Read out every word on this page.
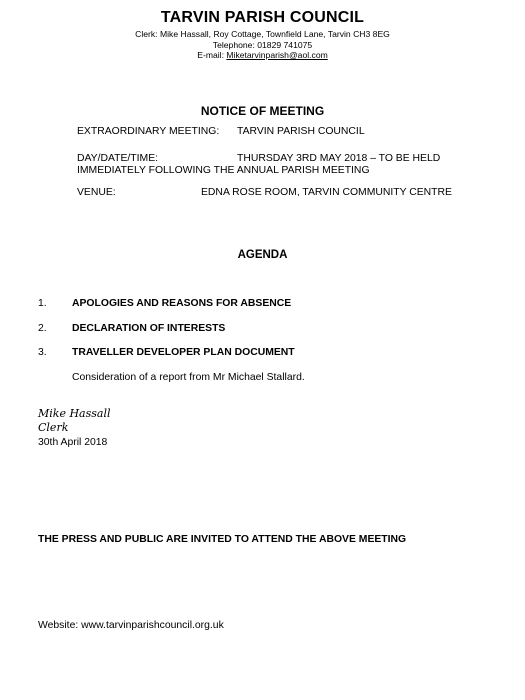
TARVIN PARISH COUNCIL
Clerk: Mike Hassall, Roy Cottage, Townfield Lane, Tarvin CH3 8EG
Telephone: 01829 741075
E-mail: Miketarvinparish@aol.com
NOTICE OF MEETING
EXTRAORDINARY MEETING: TARVIN PARISH COUNCIL
DAY/DATE/TIME:	THURSDAY 3RD MAY 2018 – TO BE HELD
IMMEDIATELY FOLLOWING THE ANNUAL PARISH MEETING
VENUE:	EDNA ROSE ROOM, TARVIN COMMUNITY CENTRE
AGENDA
1. APOLOGIES AND REASONS FOR ABSENCE
2. DECLARATION OF INTERESTS
3. TRAVELLER DEVELOPER PLAN DOCUMENT
Consideration of a report from Mr Michael Stallard.
Mike Hassall
Clerk
30th April 2018
THE PRESS AND PUBLIC ARE INVITED TO ATTEND THE ABOVE MEETING
Website: www.tarvinparishcouncil.org.uk
